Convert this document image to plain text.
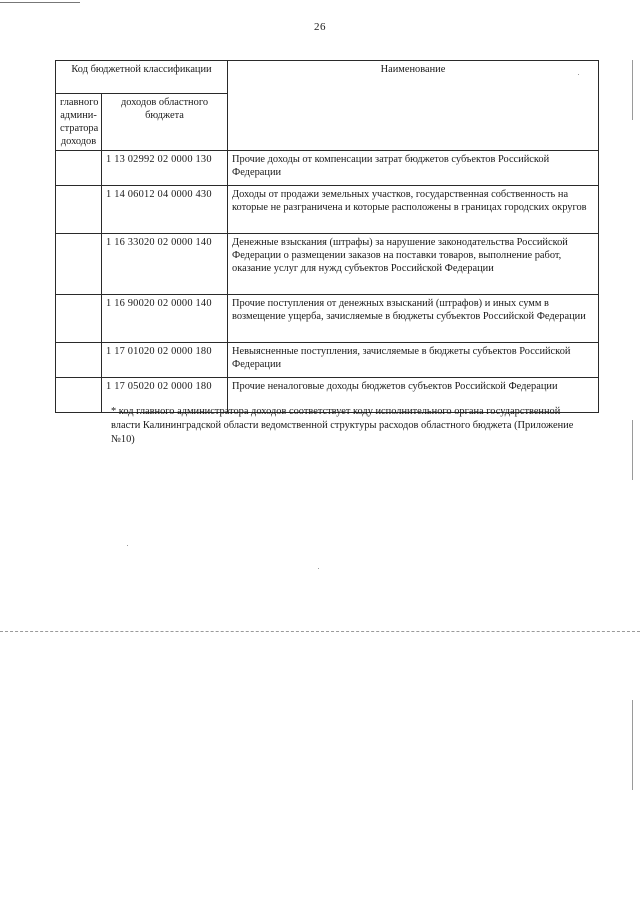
26
Код бюджетной классификации		Наименование
главного админи-стратора доходов	доходов областного бюджета	
	1 13 02992 02 0000 130	Прочие доходы от компенсации затрат бюджетов субъектов Российской Федерации
	1 14 06012 04 0000 430	Доходы от продажи земельных участков, государственная собственность на которые не разграничена и которые расположены в границах городских округов
	1 16 33020 02 0000 140	Денежные взыскания (штрафы) за нарушение законодательства Российской Федерации о размещении заказов на поставки товаров, выполнение работ, оказание услуг для нужд субъектов Российской Федерации
	1 16 90020 02 0000 140	Прочие поступления от денежных взысканий (штрафов) и иных сумм в возмещение ущерба, зачисляемые в бюджеты субъектов Российской Федерации
	1 17 01020 02 0000 180	Невыясненные поступления, зачисляемые в бюджеты субъектов Российской Федерации
	1 17 05020 02 0000 180	Прочие неналоговые доходы бюджетов субъектов Российской Федерации
* код главного администратора доходов соответствует коду исполнительного органа государственной власти Калининградской области ведомственной структуры расходов областного бюджета (Приложение №10)
